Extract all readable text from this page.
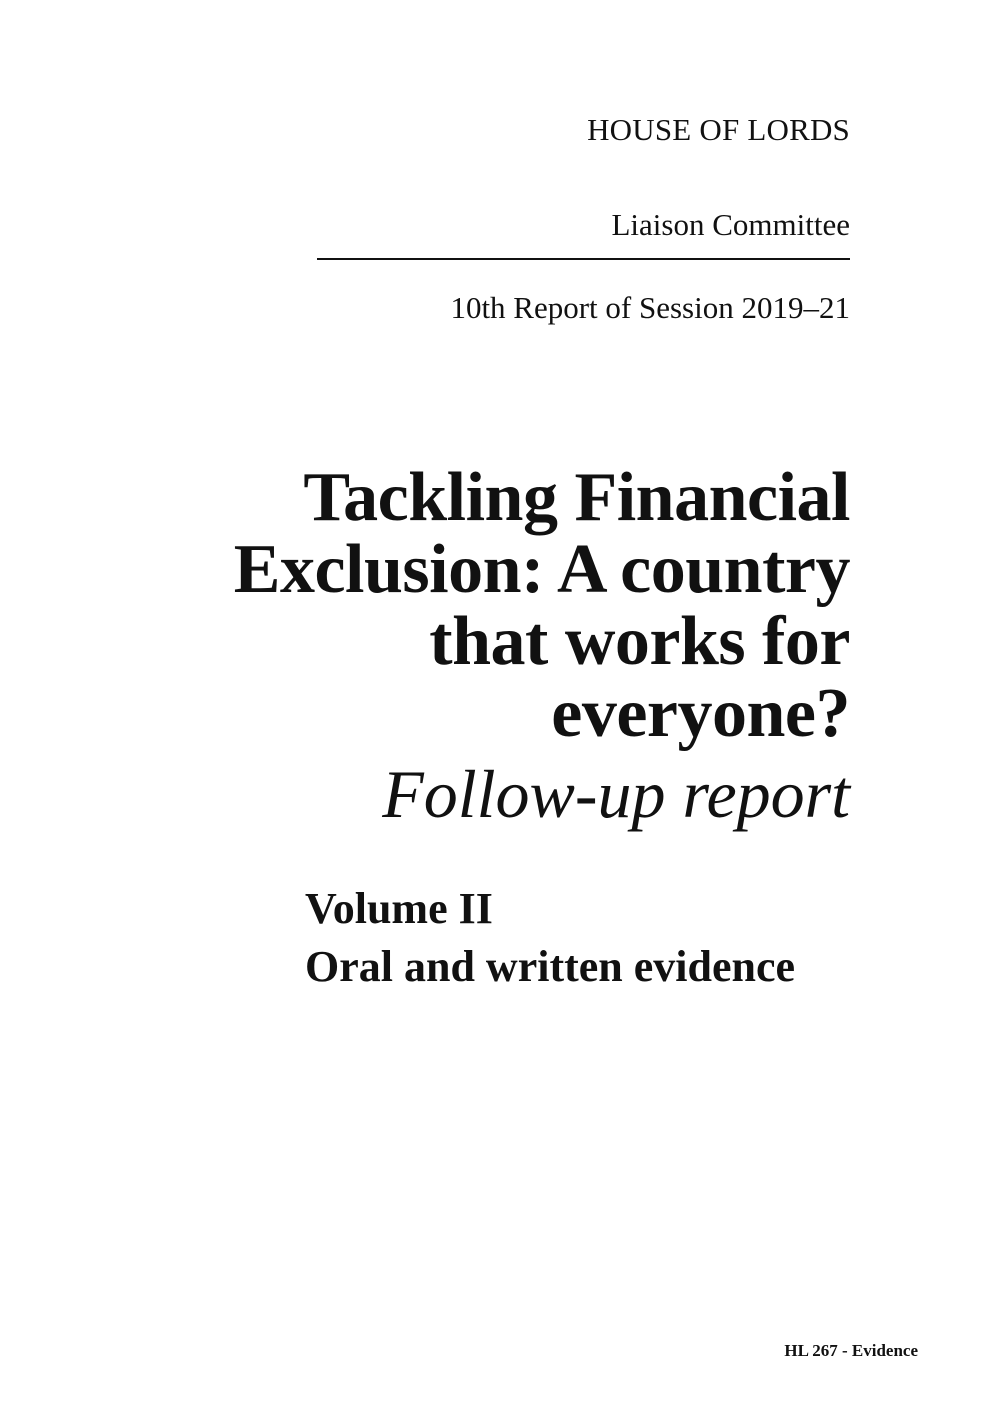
HOUSE OF LORDS
Liaison Committee
10th Report of Session 2019–21
Tackling Financial
Exclusion: A country
that works for
everyone?
Follow-up report
Volume II
Oral and written evidence
HL 267 - Evidence
